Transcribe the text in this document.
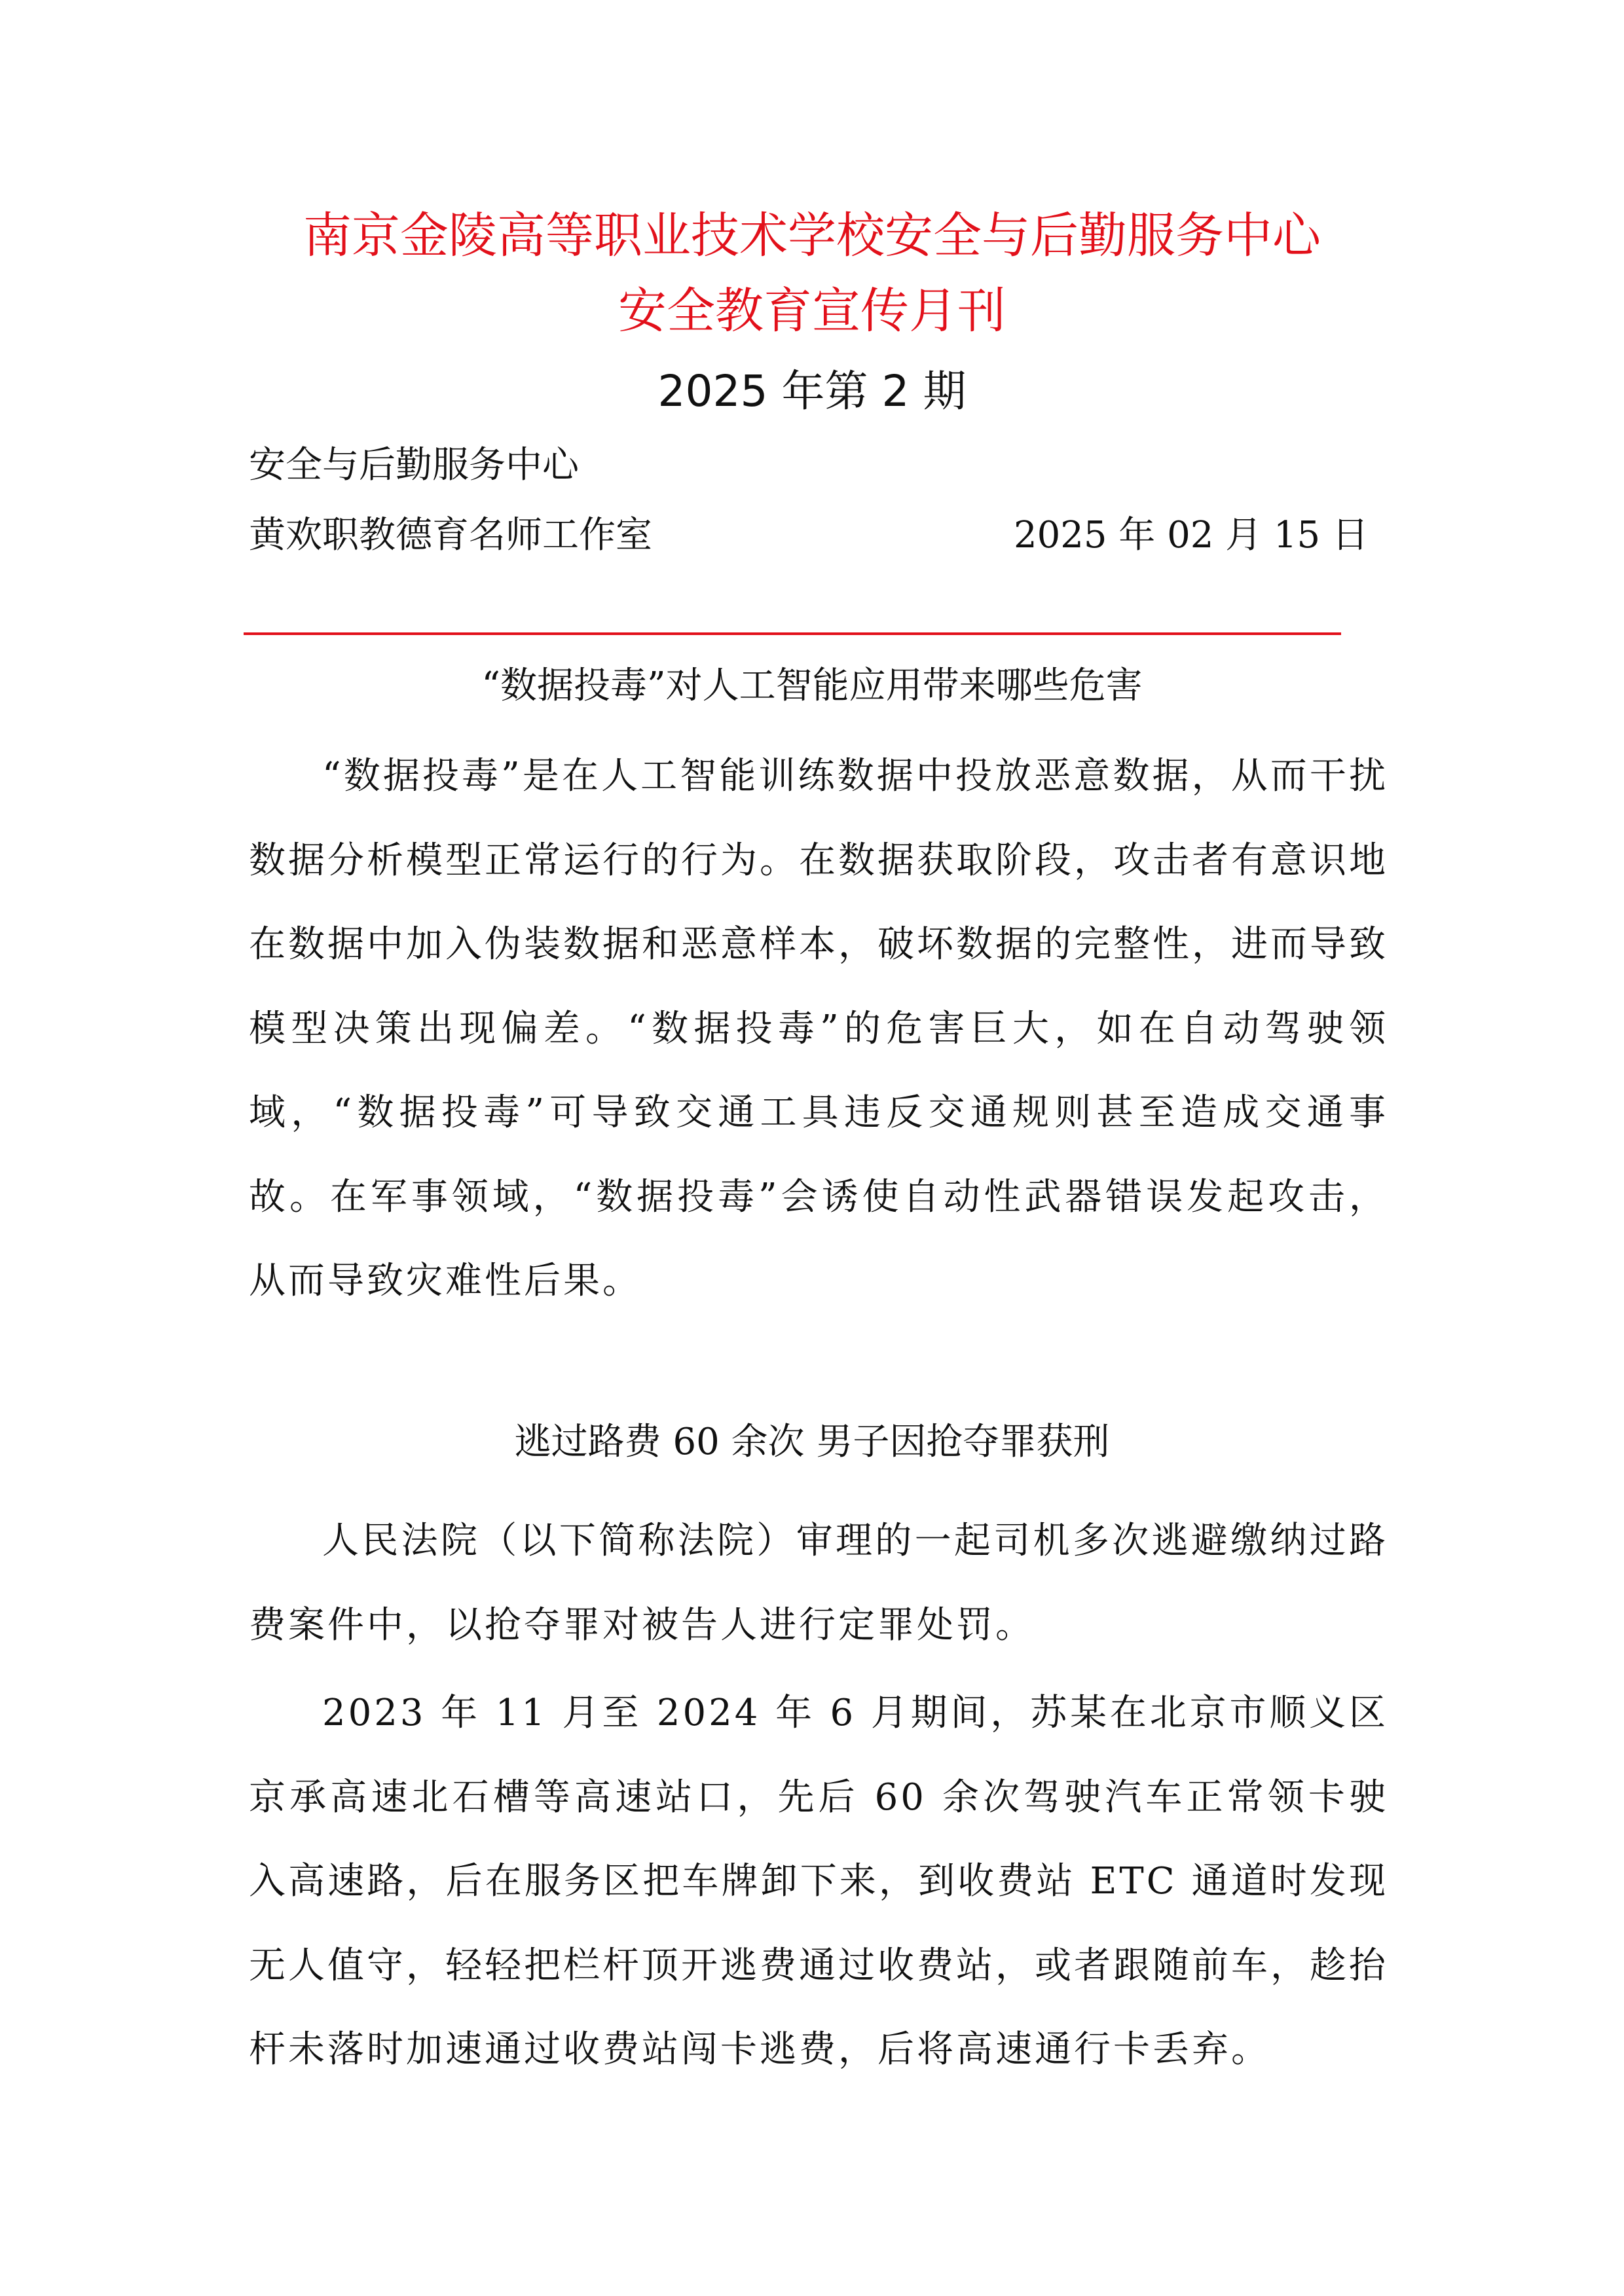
南京金陵高等职业技术学校安全与后勤服务中心
安全教育宣传月刊
2025 年第 2 期
安全与后勤服务中心
黄欢职教德育名师工作室	2025 年 02 月 15 日
“数据投毒”对人工智能应用带来哪些危害

“数据投毒”是在人工智能训练数据中投放恶意数据，从而干扰数据分析模型正常运行的行为。在数据获取阶段，攻击者有意识地在数据中加入伪装数据和恶意样本，破坏数据的完整性，进而导致模型决策出现偏差。“数据投毒”的危害巨大，如在自动驾驶领域，“数据投毒”可导致交通工具违反交通规则甚至造成交通事故。在军事领域，“数据投毒”会诱使自动性武器错误发起攻击，从而导致灾难性后果。

逃过路费 60 余次 男子因抢夺罪获刑

人民法院（以下简称法院）审理的一起司机多次逃避缴纳过路费案件中，以抢夺罪对被告人进行定罪处罚。

2023 年 11 月至 2024 年 6 月期间，苏某在北京市顺义区京承高速北石槽等高速站口，先后 60 余次驾驶汽车正常领卡驶入高速路，后在服务区把车牌卸下来，到收费站 ETC 通道时发现无人值守，轻轻把栏杆顶开逃费通过收费站，或者跟随前车，趁抬杆未落时加速通过收费站闯卡逃费，后将高速通行卡丢弃。
